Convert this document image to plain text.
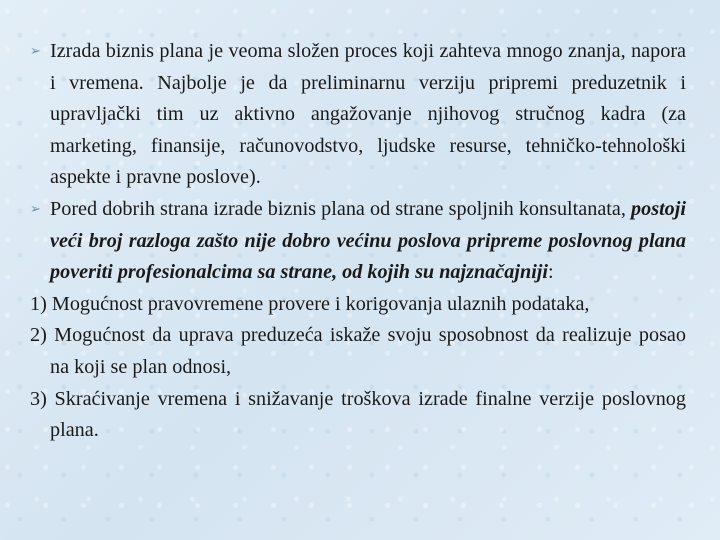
➢ Izrada biznis plana je veoma složen proces koji zahteva mnogo znanja, napora i vremena. Najbolje je da preliminarnu verziju pripremi preduzetnik i upravljački tim uz aktivno angažovanje njihovog stručnog kadra (za marketing, finansije, računovodstvo, ljudske resurse, tehničko-tehnološki aspekte i pravne poslove).

➢ Pored dobrih strana izrade biznis plana od strane spoljnih konsultanata, postoji veći broj razloga zašto nije dobro većinu poslova pripreme poslovnog plana poveriti profesionalcima sa strane, od kojih su najznačajniji:

1) Mogućnost pravovremene provere i korigovanja ulaznih podataka,

2) Mogućnost da uprava preduzeća iskaže svoju sposobnost da realizuje posao na koji se plan odnosi,

3) Skraćivanje vremena i snižavanje troškova izrade finalne verzije poslovnog plana.
